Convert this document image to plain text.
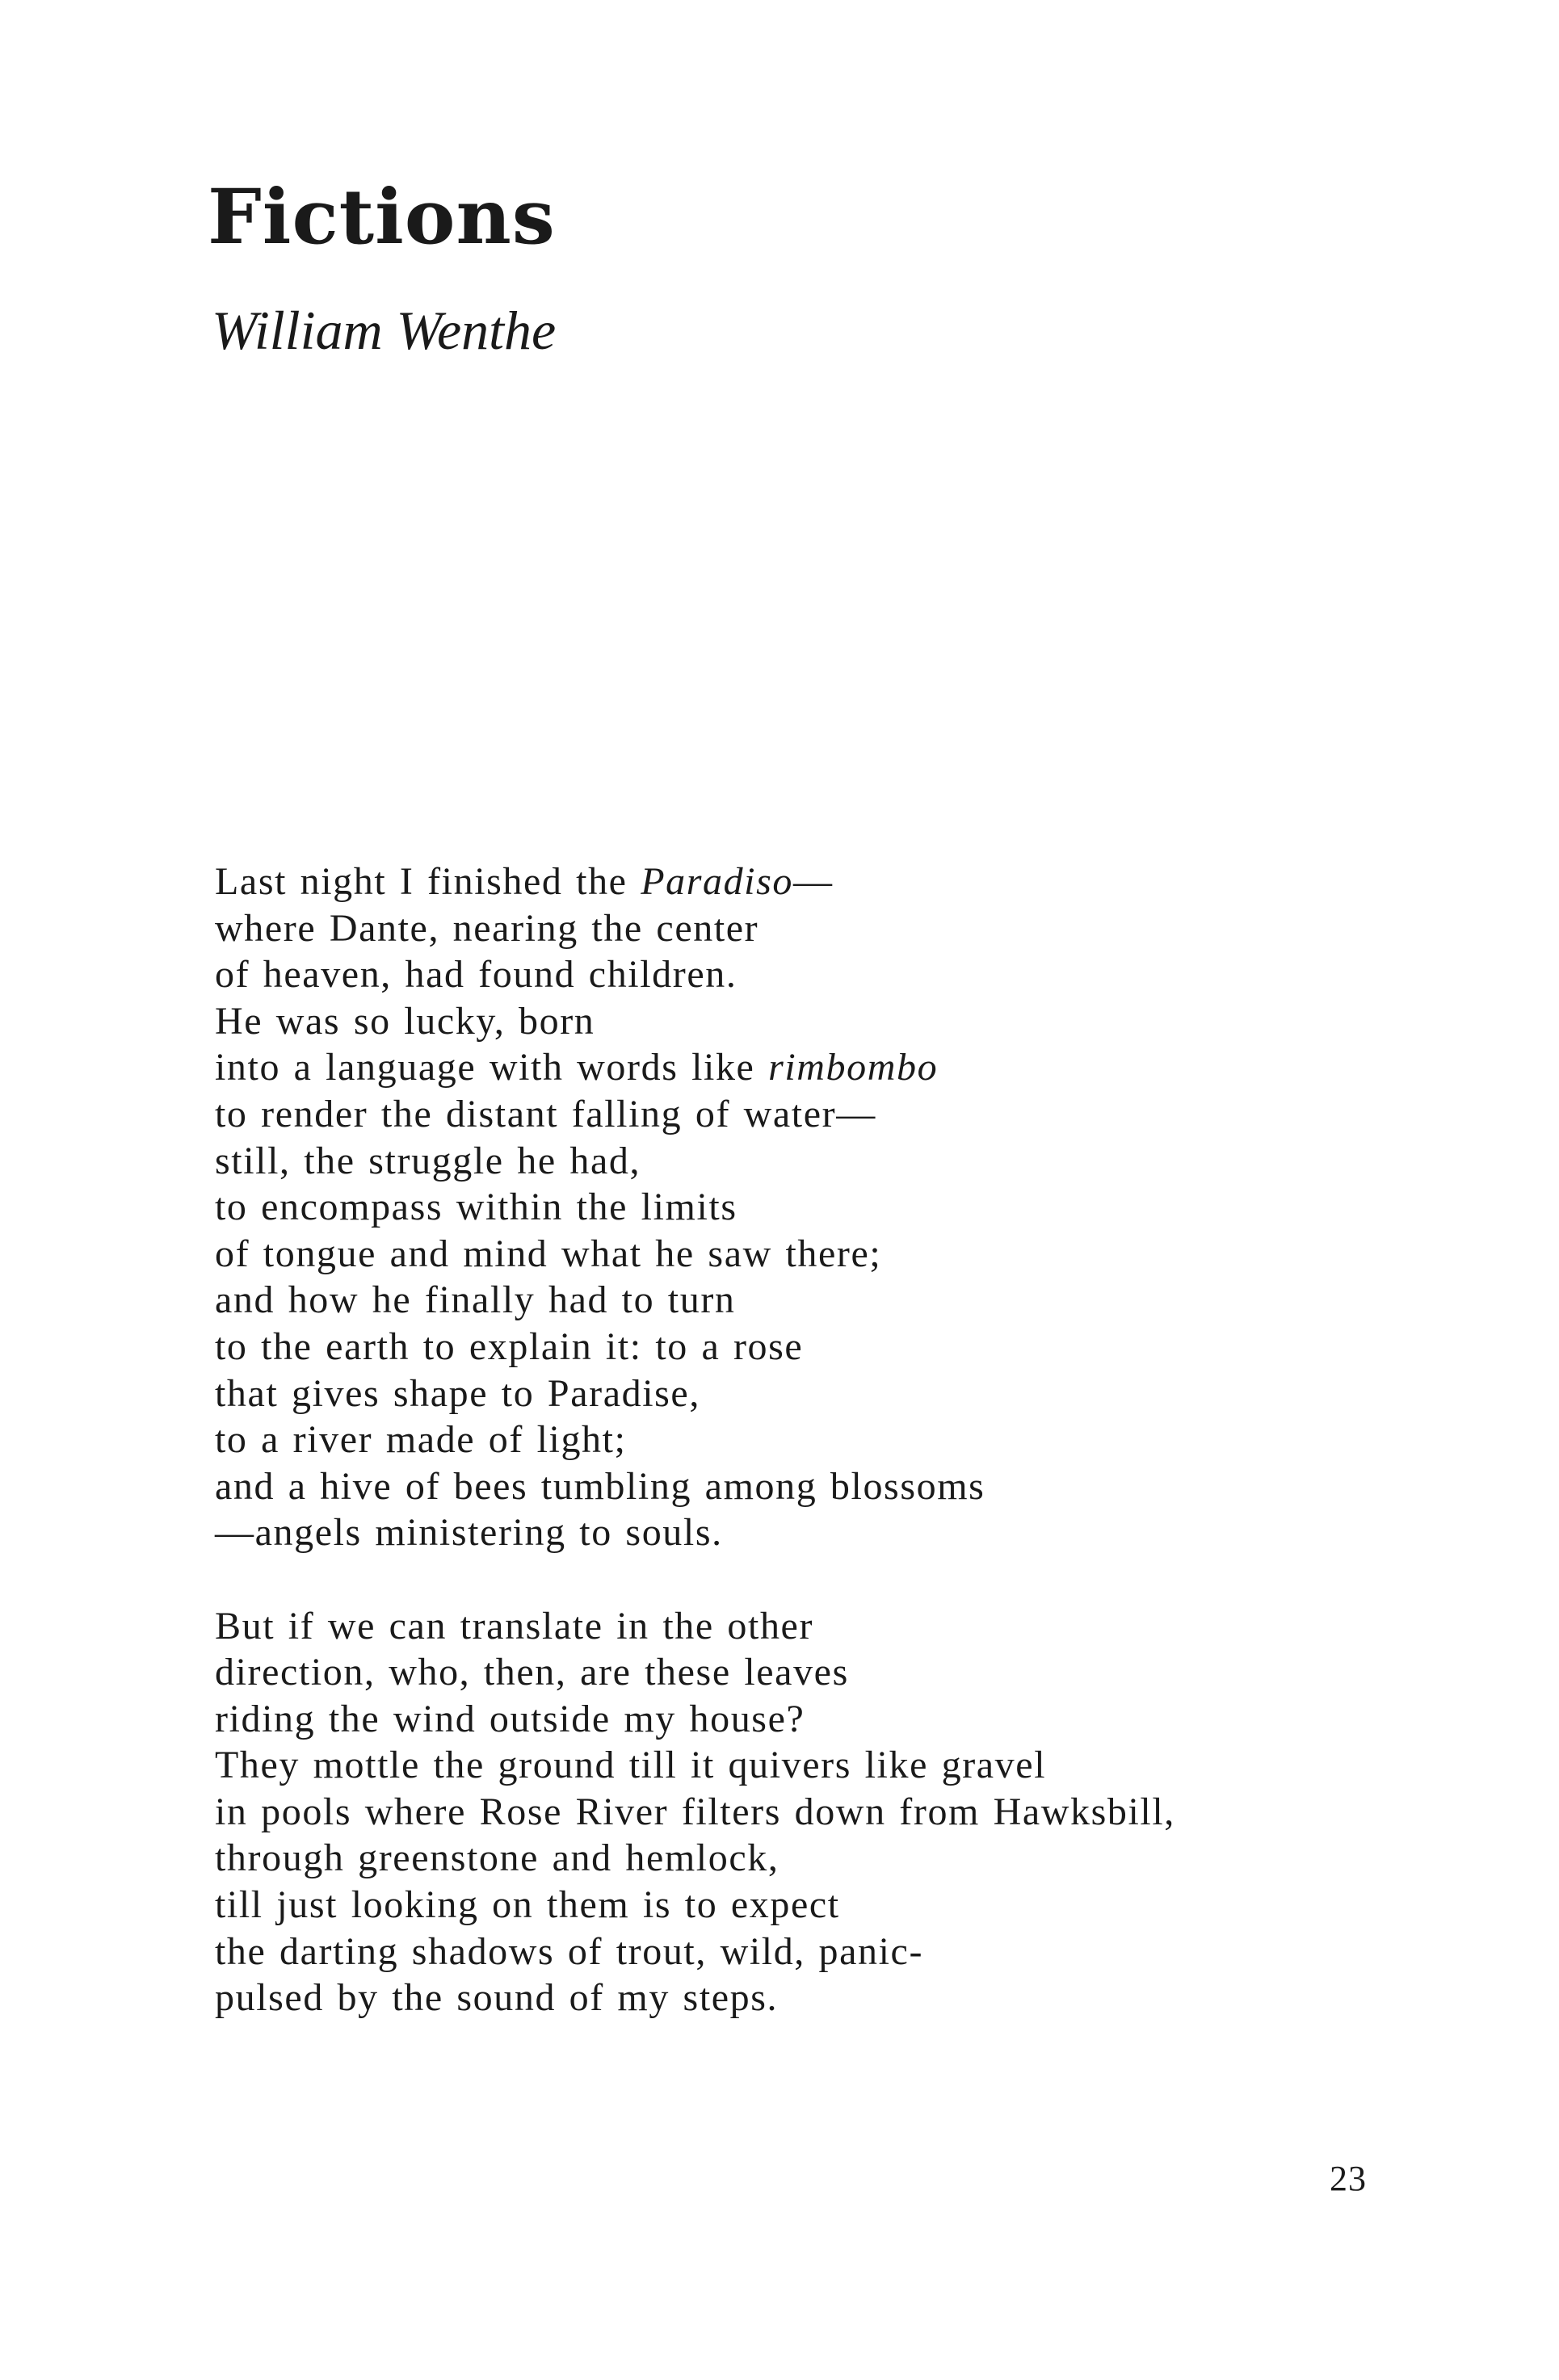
Fictions

William Wenthe

Last night I finished the Paradiso—
where Dante, nearing the center
of heaven, had found children.
He was so lucky, born
into a language with words like rimbombo
to render the distant falling of water—
still, the struggle he had,
to encompass within the limits
of tongue and mind what he saw there;
and how he finally had to turn
to the earth to explain it: to a rose
that gives shape to Paradise,
to a river made of light;
and a hive of bees tumbling among blossoms
—angels ministering to souls.
But if we can translate in the other
direction, who, then, are these leaves
riding the wind outside my house?
They mottle the ground till it quivers like gravel
in pools where Rose River filters down from Hawksbill,
through greenstone and hemlock,
till just looking on them is to expect
the darting shadows of trout, wild, panic-
pulsed by the sound of my steps.

23
